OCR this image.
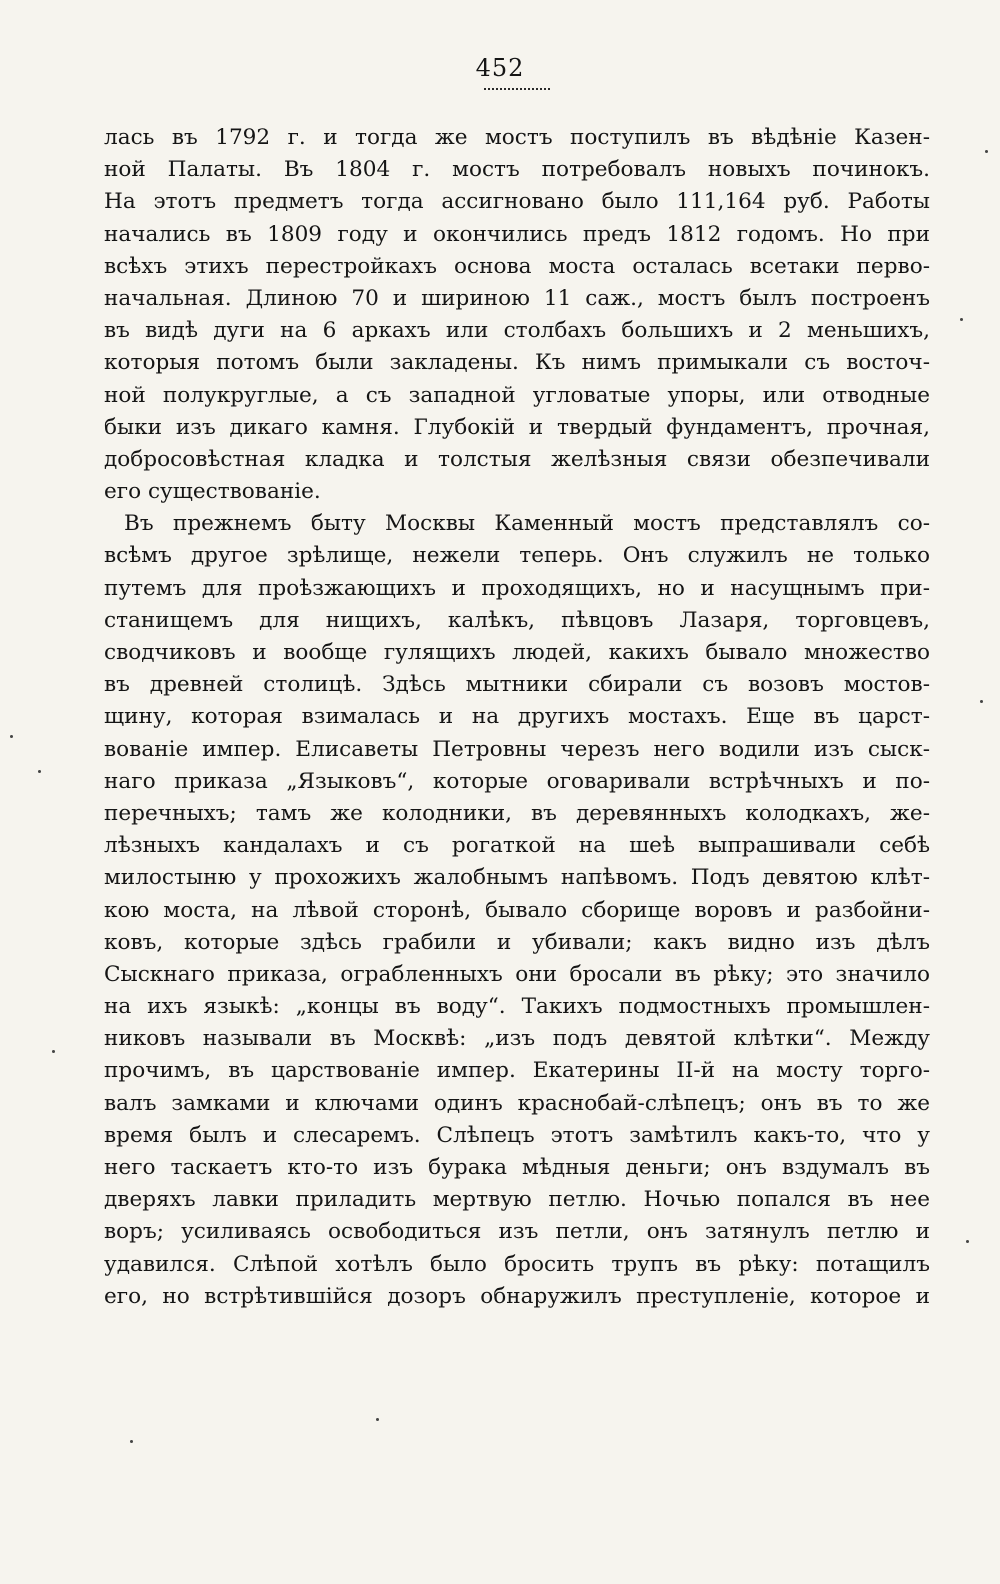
452
лась въ 1792 г. и тогда же мостъ поступилъ въ вѣдѣніе Казен-
ной Палаты. Въ 1804 г. мостъ потребовалъ новыхъ починокъ.
На этотъ предметъ тогда ассигновано было 111,164 руб. Работы
начались въ 1809 году и окончились предъ 1812 годомъ. Но при
всѣхъ этихъ перестройкахъ основа моста осталась всетаки перво-
начальная. Длиною 70 и шириною 11 саж., мостъ былъ построенъ
въ видѣ дуги на 6 аркахъ или столбахъ большихъ и 2 меньшихъ,
которыя потомъ были закладены. Къ нимъ примыкали съ восточ-
ной полукруглые, а съ западной угловатые упоры, или отводные
быки изъ дикаго камня. Глубокій и твердый фундаментъ, прочная,
добросовѣстная кладка и толстыя желѣзныя связи обезпечивали
его существованіе.
Въ прежнемъ быту Москвы Каменный мостъ представлялъ со-
всѣмъ другое зрѣлище, нежели теперь. Онъ служилъ не только
путемъ для проѣзжающихъ и проходящихъ, но и насущнымъ при-
станищемъ для нищихъ, калѣкъ, пѣвцовъ Лазаря, торговцевъ,
сводчиковъ и вообще гулящихъ людей, какихъ бывало множество
въ древней столицѣ. Здѣсь мытники сбирали съ возовъ мостов-
щину, которая взималась и на другихъ мостахъ. Еще въ царст-
вованіе импер. Елисаветы Петровны черезъ него водили изъ сыск-
наго приказа „Языковъ“, которые оговаривали встрѣчныхъ и по-
перечныхъ; тамъ же колодники, въ деревянныхъ колодкахъ, же-
лѣзныхъ кандалахъ и съ рогаткой на шеѣ выпрашивали себѣ
милостыню у прохожихъ жалобнымъ напѣвомъ. Подъ девятою клѣт-
кою моста, на лѣвой сторонѣ, бывало сборище воровъ и разбойни-
ковъ, которые здѣсь грабили и убивали; какъ видно изъ дѣлъ
Сыскнаго приказа, ограбленныхъ они бросали въ рѣку; это значило
на ихъ языкѣ: „концы въ воду“. Такихъ подмостныхъ промышлен-
никовъ называли въ Москвѣ: „изъ подъ девятой клѣтки“. Между
прочимъ, въ царствованіе импер. Екатерины II-й на мосту торго-
валъ замками и ключами одинъ краснобай-слѣпецъ; онъ въ то же
время былъ и слесаремъ. Слѣпецъ этотъ замѣтилъ какъ-то, что у
него таскаетъ кто-то изъ бурака мѣдныя деньги; онъ вздумалъ въ
дверяхъ лавки приладить мертвую петлю. Ночью попался въ нее
воръ; усиливаясь освободиться изъ петли, онъ затянулъ петлю и
удавился. Слѣпой хотѣлъ было бросить трупъ въ рѣку: потащилъ
его, но встрѣтившійся дозоръ обнаружилъ преступленіе, которое и
